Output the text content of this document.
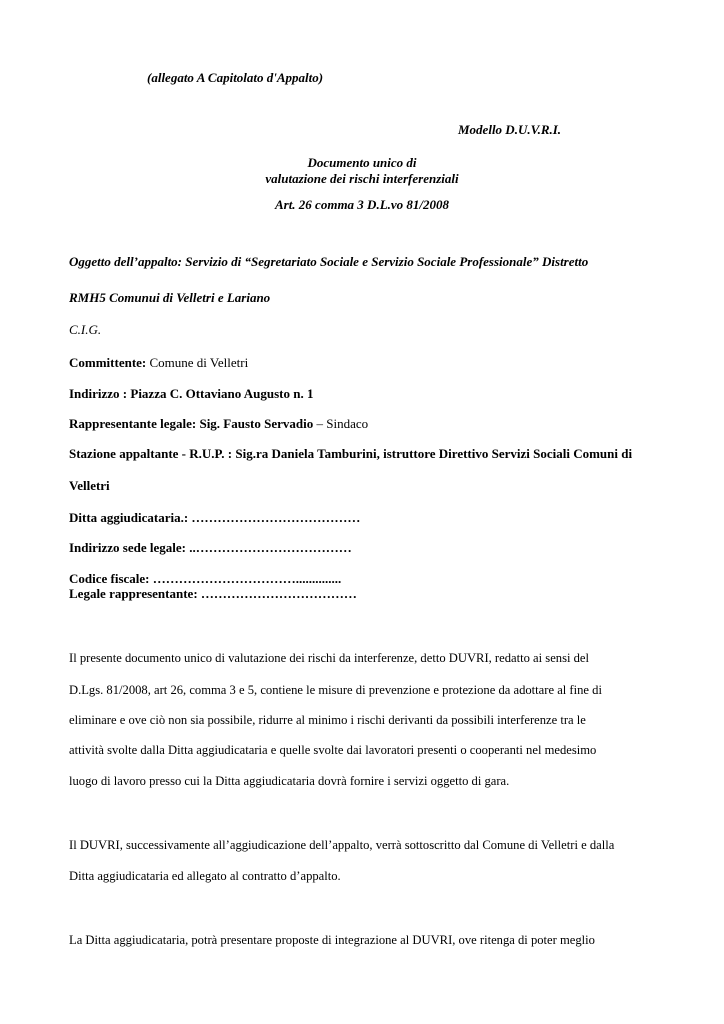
(allegato A Capitolato d'Appalto)
Modello D.U.V.R.I.
Documento unico di
valutazione dei rischi interferenziali
Art. 26 comma 3 D.L.vo 81/2008
Oggetto dell’appalto: Servizio di “Segretariato Sociale e Servizio Sociale Professionale” Distretto
RMH5 Comunui di Velletri e Lariano
C.I.G.
Committente: Comune di Velletri
Indirizzo : Piazza C. Ottaviano Augusto n. 1
Rappresentante legale: Sig. Fausto Servadio – Sindaco
Stazione appaltante - R.U.P. : Sig.ra Daniela Tamburini, istruttore Direttivo Servizi Sociali Comuni di
Velletri
Ditta aggiudicataria.: …………………………………
Indirizzo sede legale: ..………………………………
Codice fiscale: ……………………………..............
Legale rappresentante: ………………………………
Il presente documento unico di valutazione dei rischi da interferenze, detto DUVRI, redatto ai sensi del
D.Lgs. 81/2008, art 26, comma 3 e 5, contiene le misure di prevenzione e protezione da adottare al fine di
eliminare e ove ciò non sia possibile, ridurre al minimo i rischi derivanti da possibili interferenze tra le
attività svolte dalla Ditta aggiudicataria e quelle svolte dai lavoratori presenti o cooperanti nel medesimo
luogo di lavoro presso cui la Ditta aggiudicataria dovrà fornire i servizi oggetto di gara.
Il DUVRI, successivamente all’aggiudicazione dell’appalto, verrà sottoscritto dal Comune di Velletri e dalla
Ditta aggiudicataria ed allegato al contratto d’appalto.
La Ditta aggiudicataria, potrà presentare proposte di integrazione al DUVRI, ove ritenga di poter meglio
